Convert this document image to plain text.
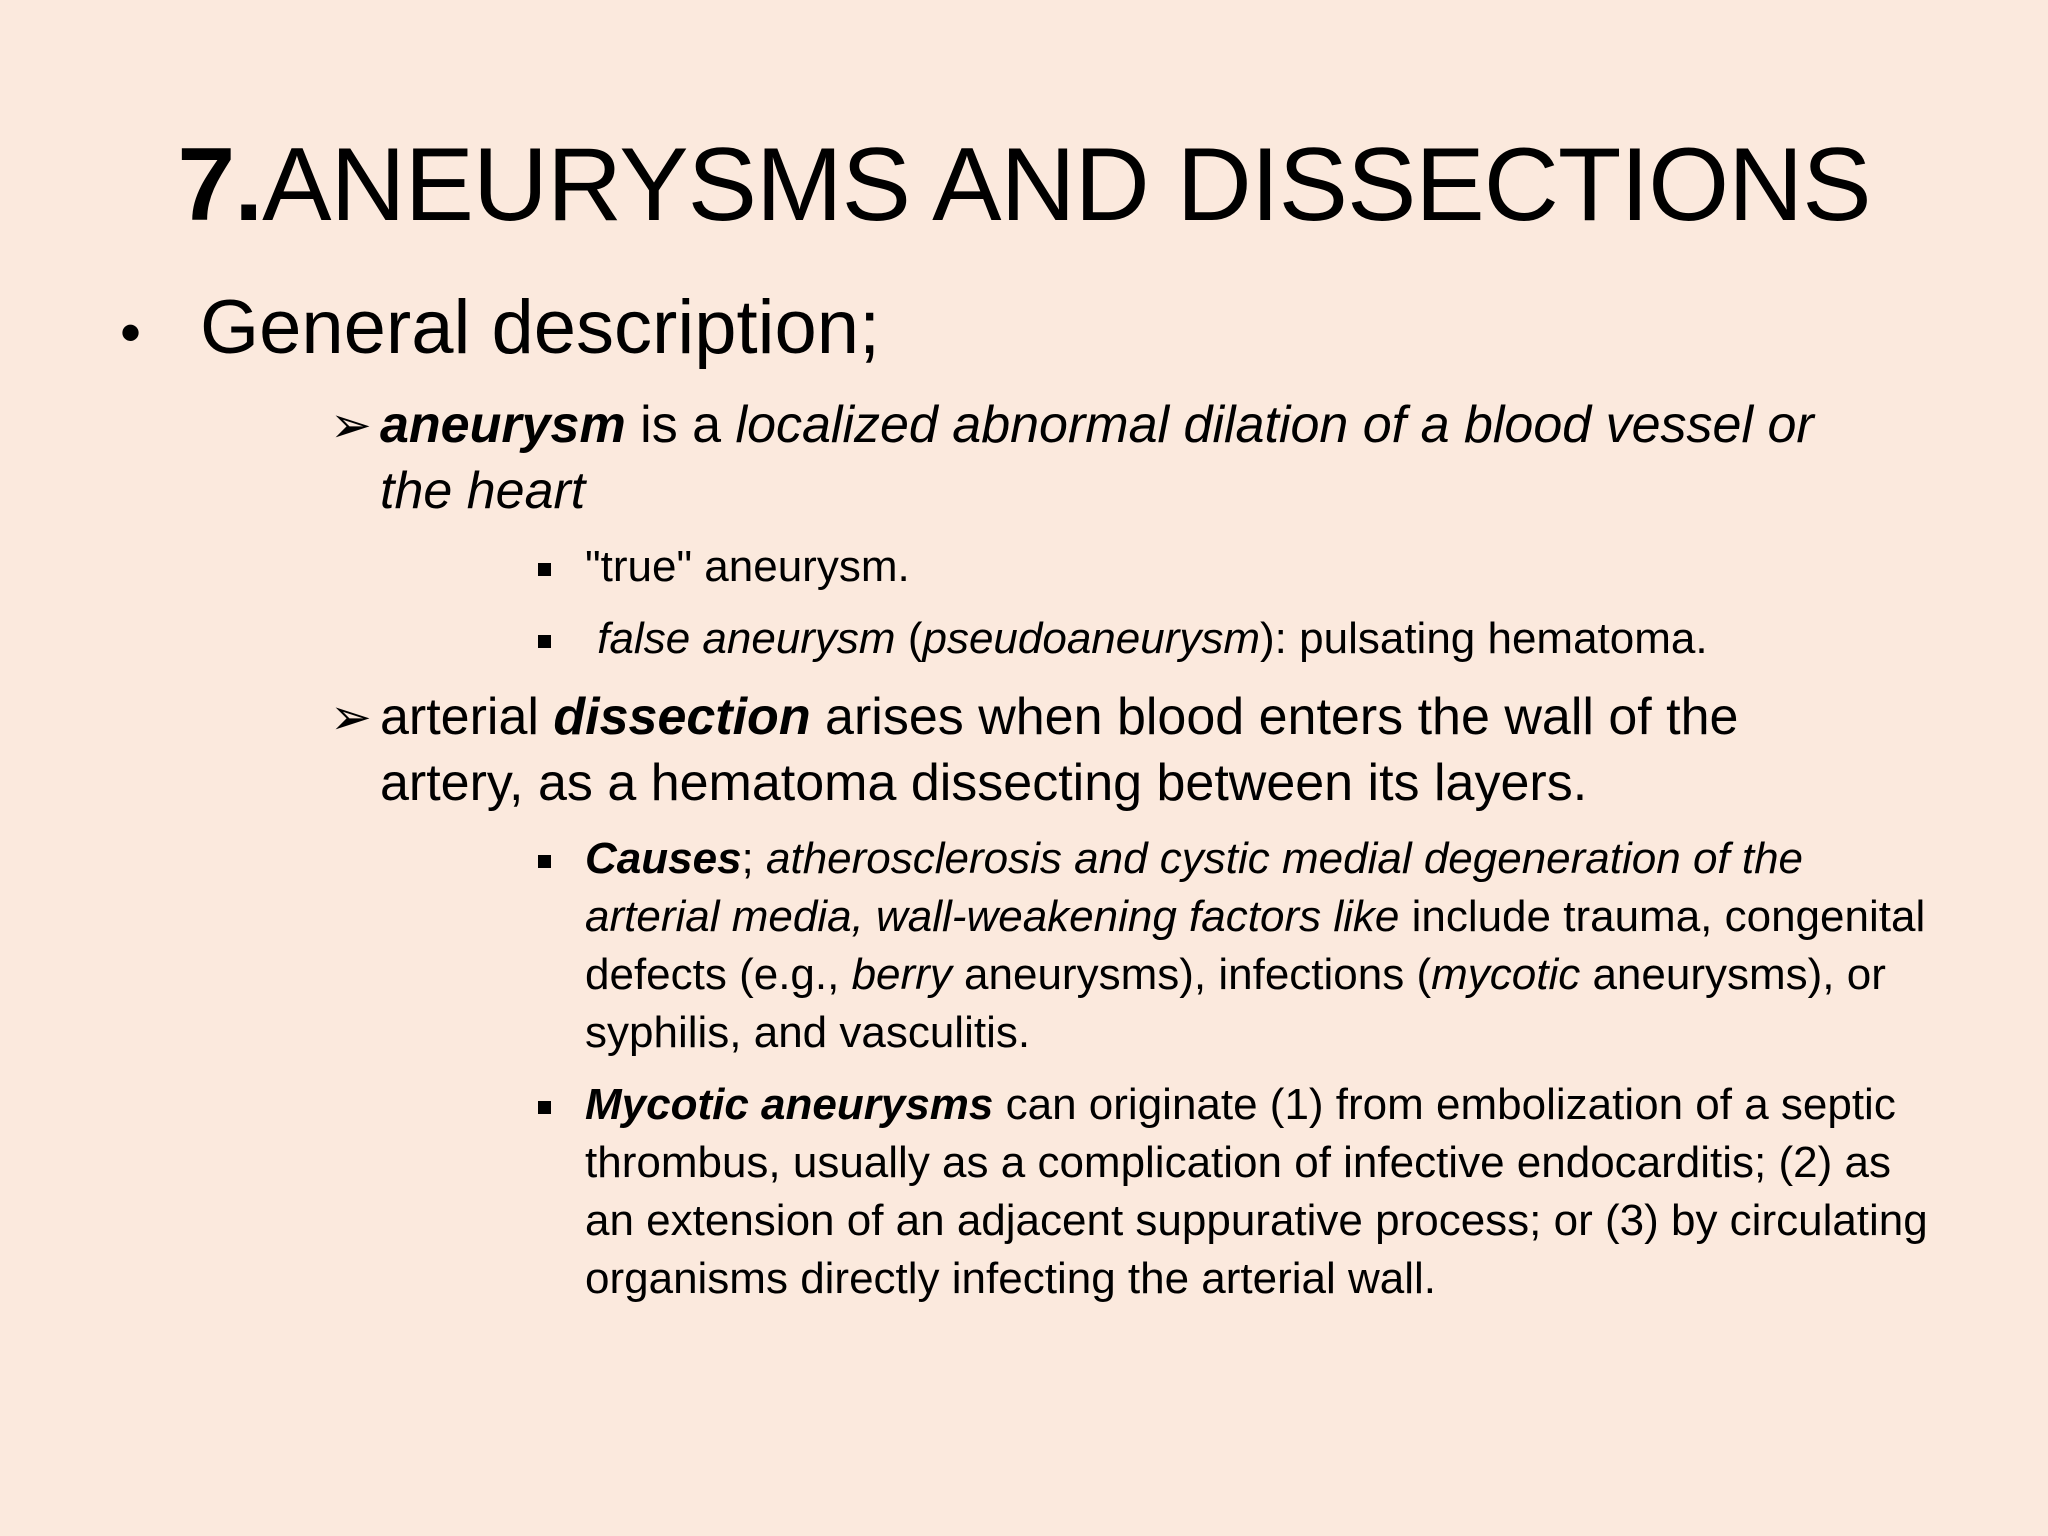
7.ANEURYSMS AND DISSECTIONS
• General description;
➢ aneurysm is a localized abnormal dilation of a blood vessel or the heart
"true" aneurysm.
false aneurysm (pseudoaneurysm): pulsating hematoma.
➢ arterial dissection arises when blood enters the wall of the artery, as a hematoma dissecting between its layers.
Causes; atherosclerosis and cystic medial degeneration of the arterial media, wall-weakening factors like include trauma, congenital defects (e.g., berry aneurysms), infections (mycotic aneurysms), or syphilis, and vasculitis.
Mycotic aneurysms can originate (1) from embolization of a septic thrombus, usually as a complication of infective endocarditis; (2) as an extension of an adjacent suppurative process; or (3) by circulating organisms directly infecting the arterial wall.
